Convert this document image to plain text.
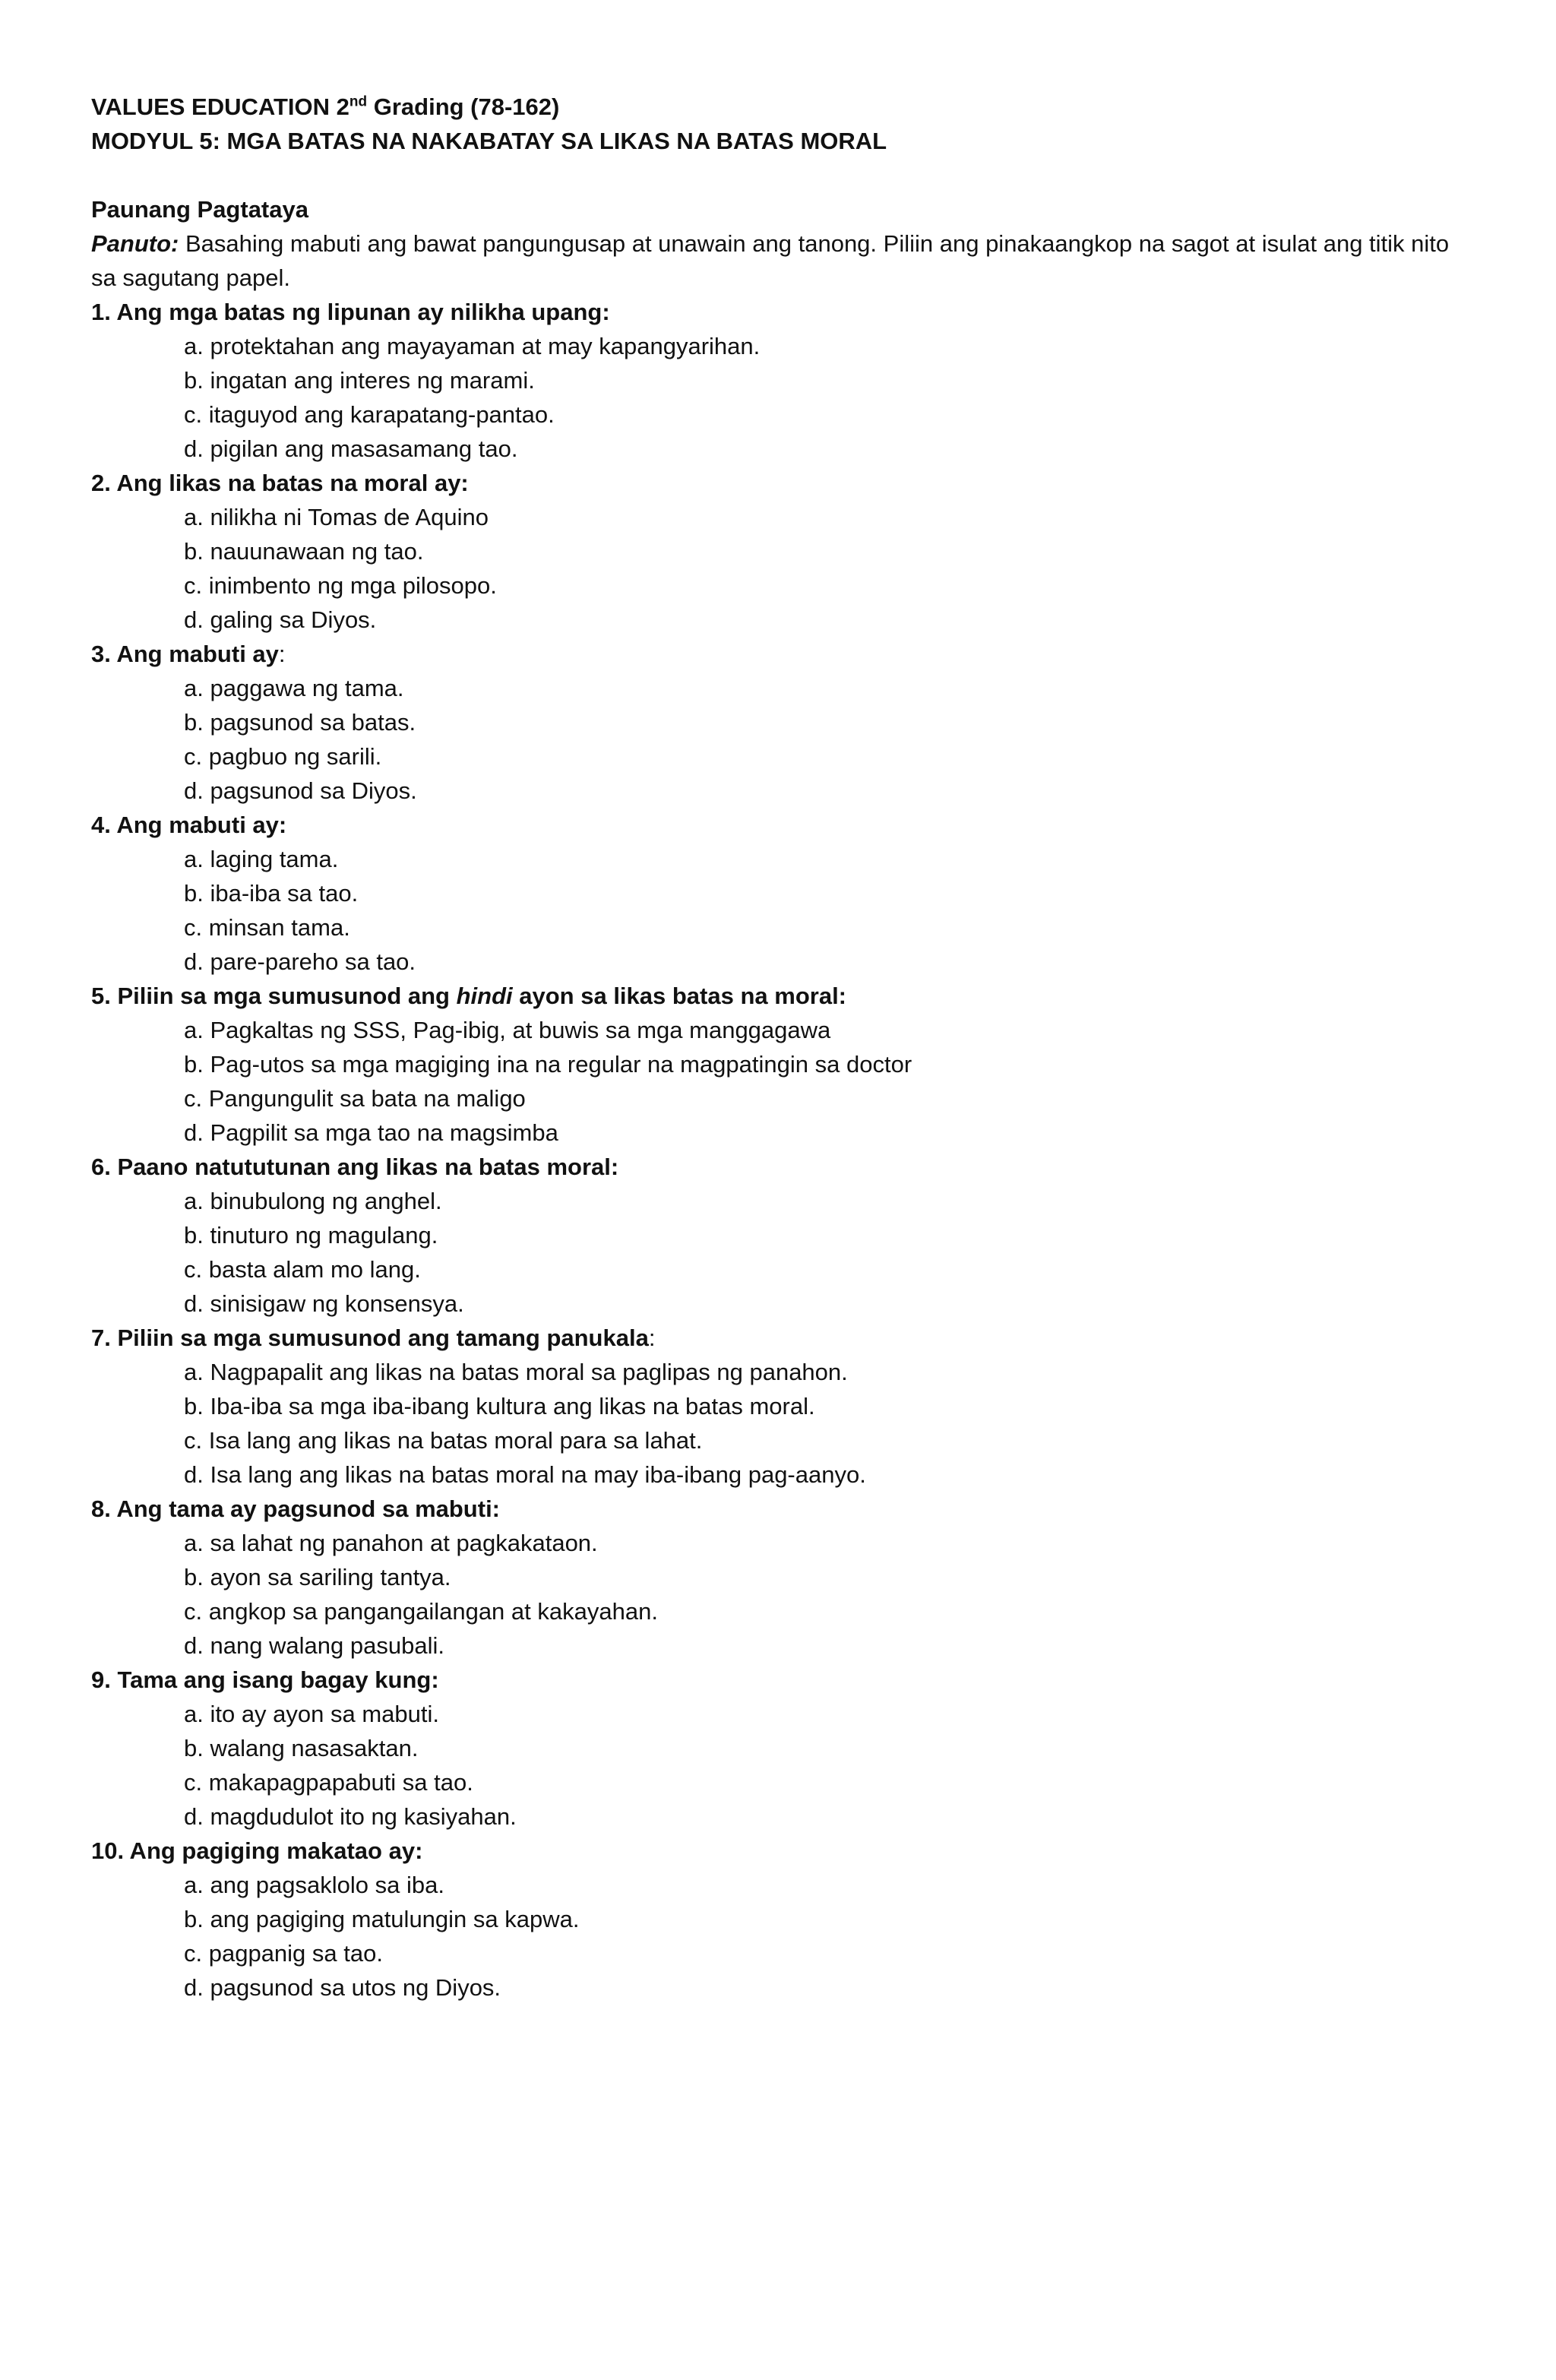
VALUES EDUCATION 2nd Grading (78-162)
MODYUL 5: MGA BATAS NA NAKABATAY SA LIKAS NA BATAS MORAL
Paunang Pagtataya
Panuto: Basahing mabuti ang bawat pangungusap at unawain ang tanong. Piliin ang pinakaangkop na sagot at isulat ang titik nito sa sagutang papel.
1. Ang mga batas ng lipunan ay nilikha upang:
a. protektahan ang mayayaman at may kapangyarihan.
b. ingatan ang interes ng marami.
c. itaguyod ang karapatang-pantao.
d. pigilan ang masasamang tao.
2. Ang likas na batas na moral ay:
a. nilikha ni Tomas de Aquino
b. nauunawaan ng tao.
c. inimbento ng mga pilosopo.
d. galing sa Diyos.
3. Ang mabuti ay:
a. paggawa ng tama.
b. pagsunod sa batas.
c. pagbuo ng sarili.
d. pagsunod sa Diyos.
4. Ang mabuti ay:
a. laging tama.
b. iba-iba sa tao.
c. minsan tama.
d. pare-pareho sa tao.
5. Piliin sa mga sumusunod ang hindi ayon sa likas batas na moral:
a. Pagkaltas ng SSS, Pag-ibig, at buwis sa mga manggagawa
b. Pag-utos sa mga magiging ina na regular na magpatingin sa doctor
c. Pangungulit sa bata na maligo
d. Pagpilit sa mga tao na magsimba
6. Paano natututunan ang likas na batas moral:
a. binubulong ng anghel.
b. tinuturo ng magulang.
c. basta alam mo lang.
d. sinisigaw ng konsensya.
7. Piliin sa mga sumusunod ang tamang panukala:
a. Nagpapalit ang likas na batas moral sa paglipas ng panahon.
b. Iba-iba sa mga iba-ibang kultura ang likas na batas moral.
c. Isa lang ang likas na batas moral para sa lahat.
d. Isa lang ang likas na batas moral na may iba-ibang pag-aanyo.
8. Ang tama ay pagsunod sa mabuti:
a. sa lahat ng panahon at pagkakataon.
b. ayon sa sariling tantya.
c. angkop sa pangangailangan at kakayahan.
d. nang walang pasubali.
9. Tama ang isang bagay kung:
a. ito ay ayon sa mabuti.
b. walang nasasaktan.
c. makapagpapabuti sa tao.
d. magdudulot ito ng kasiyahan.
10. Ang pagiging makatao ay:
a. ang pagsaklolo sa iba.
b. ang pagiging matulungin sa kapwa.
c. pagpanig sa tao.
d. pagsunod sa utos ng Diyos.
